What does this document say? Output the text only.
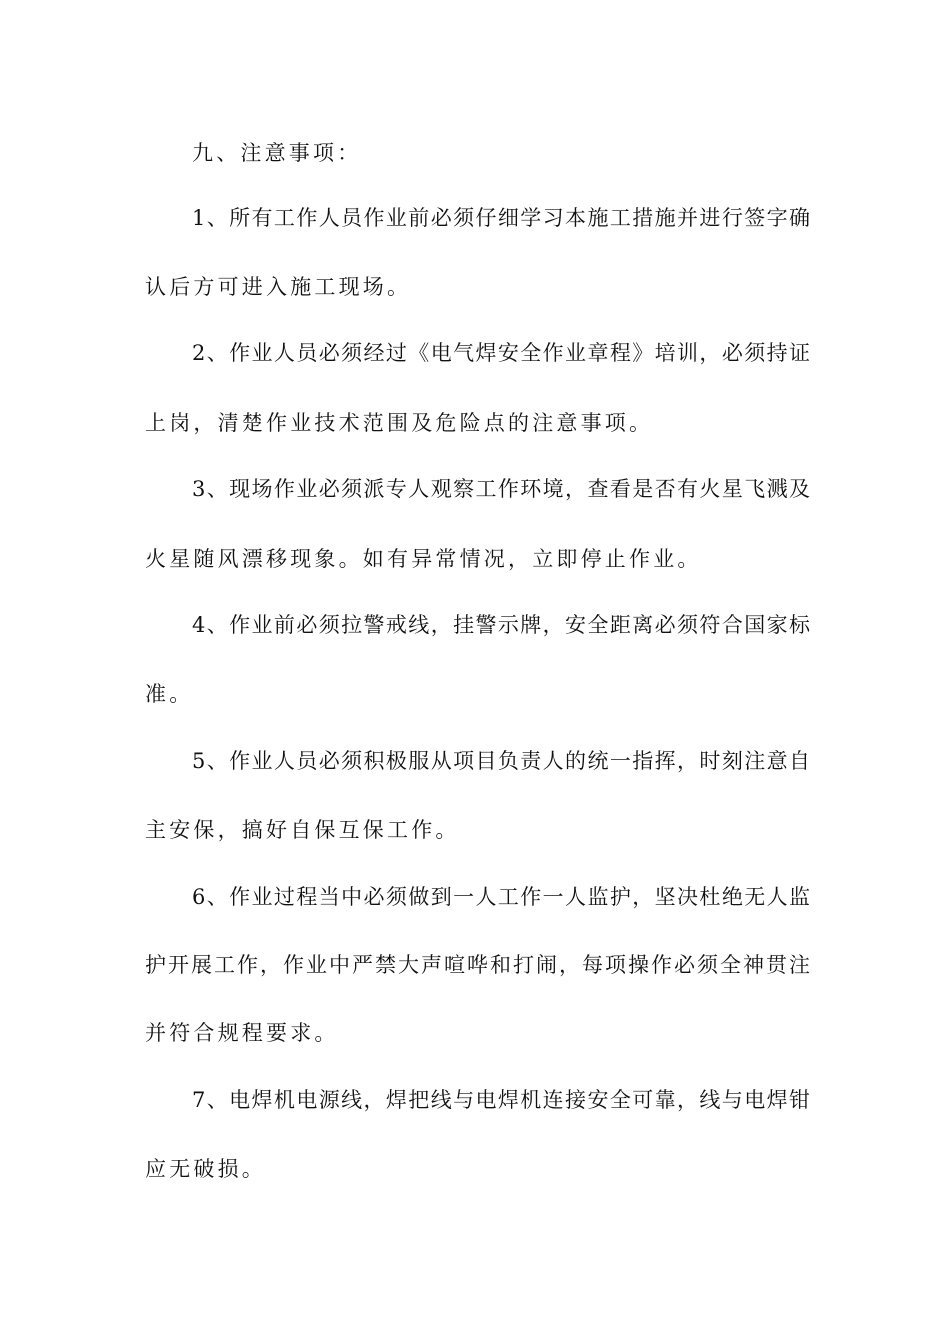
九、注意事项：
1、所有工作人员作业前必须仔细学习本施工措施并进行签字确
认后方可进入施工现场。
2、作业人员必须经过《电气焊安全作业章程》培训，必须持证
上岗，清楚作业技术范围及危险点的注意事项。
3、现场作业必须派专人观察工作环境，查看是否有火星飞溅及
火星随风漂移现象。如有异常情况，立即停止作业。
4、作业前必须拉警戒线，挂警示牌，安全距离必须符合国家标
准。
5、作业人员必须积极服从项目负责人的统一指挥，时刻注意自
主安保，搞好自保互保工作。
6、作业过程当中必须做到一人工作一人监护，坚决杜绝无人监
护开展工作，作业中严禁大声喧哗和打闹，每项操作必须全神贯注
并符合规程要求。
7、电焊机电源线，焊把线与电焊机连接安全可靠，线与电焊钳
应无破损。
